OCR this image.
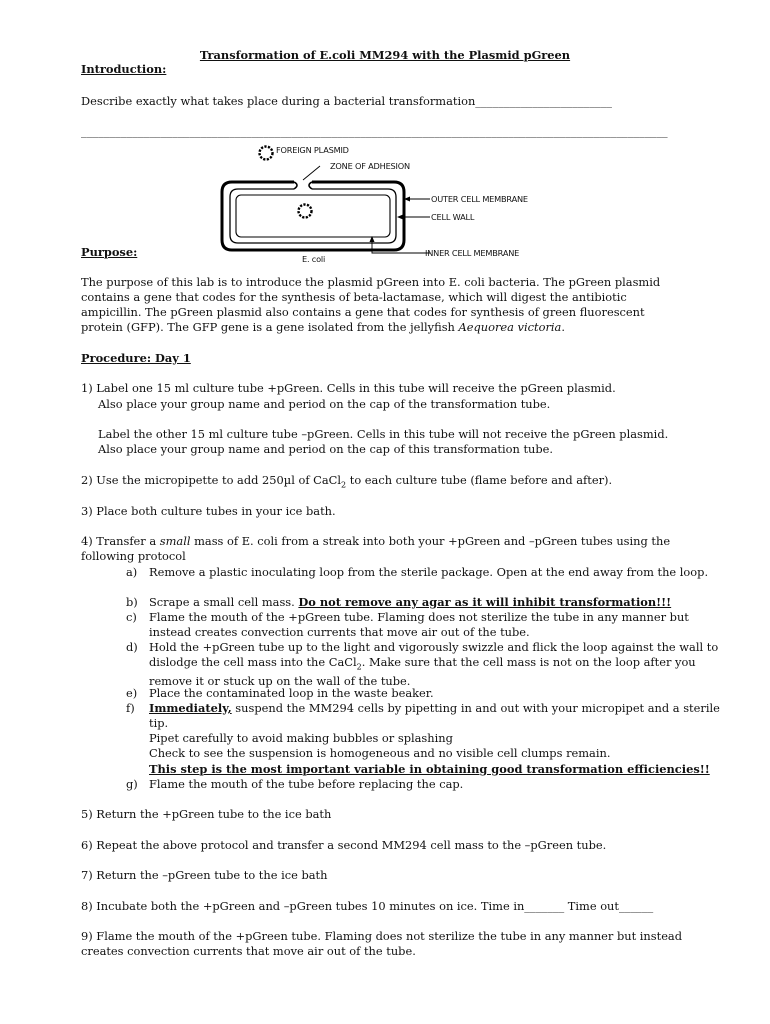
Transformation of E.coli MM294 with the Plasmid pGreen
Introduction:
Describe exactly what takes place during a bacterial transformation________________________
_______________________________________________________________________________________________________
FOREIGN PLASMID
ZONE OF ADHESION
OUTER CELL MEMBRANE
CELL WALL
INNER CELL MEMBRANE
E. coli
Purpose:
The purpose of this lab is to introduce the plasmid pGreen into E. coli bacteria. The pGreen plasmid
contains a gene that codes for the synthesis of beta-lactamase, which will digest the antibiotic
ampicillin. The pGreen plasmid also contains a gene that codes for synthesis of green fluorescent
protein (GFP). The GFP gene is a gene isolated from the jellyfish Aequorea victoria.
Procedure: Day 1
1) Label one 15 ml culture tube +pGreen. Cells in this tube will receive the pGreen plasmid.
Also place your group name and period on the cap of the transformation tube.
Label the other 15 ml culture tube –pGreen. Cells in this tube will not receive the pGreen plasmid.
Also place your group name and period on the cap of this transformation tube.
2) Use the micropipette to add 250µl of CaCl$_2$ to each culture tube (flame before and after).
3) Place both culture tubes in your ice bath.
4) Transfer a small mass of E. coli from a streak into both your +pGreen and –pGreen tubes using the
following protocol
a) Remove a plastic inoculating loop from the sterile package. Open at the end away from the loop.
b) Scrape a small cell mass. Do not remove any agar as it will inhibit transformation!!!
c) Flame the mouth of the +pGreen tube. Flaming does not sterilize the tube in any manner but instead creates convection currents that move air out of the tube.
d) Hold the +pGreen tube up to the light and vigorously swizzle and flick the loop against the wall to dislodge the cell mass into the CaCl$_2$. Make sure that the cell mass is not on the loop after you remove it or stuck up on the wall of the tube.
e) Place the contaminated loop in the waste beaker.
f) Immediately, suspend the MM294 cells by pipetting in and out with your micropipet and a sterile tip.
Pipet carefully to avoid making bubbles or splashing
Check to see the suspension is homogeneous and no visible cell clumps remain.
This step is the most important variable in obtaining good transformation efficiencies!!
g) Flame the mouth of the tube before replacing the cap.
5) Return the +pGreen tube to the ice bath
6) Repeat the above protocol and transfer a second MM294 cell mass to the –pGreen tube.
7) Return the –pGreen tube to the ice bath
8) Incubate both the +pGreen and –pGreen tubes 10 minutes on ice. Time in_______ Time out______
9) Flame the mouth of the +pGreen tube. Flaming does not sterilize the tube in any manner but instead
creates convection currents that move air out of the tube.
